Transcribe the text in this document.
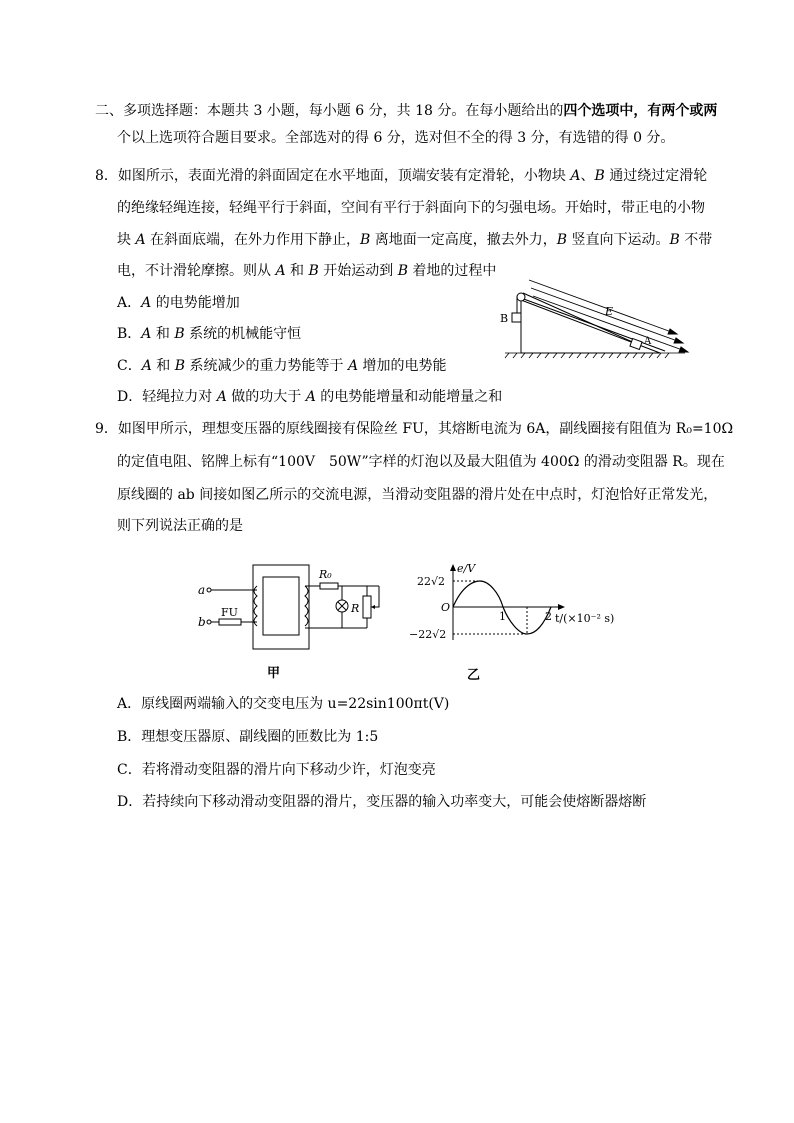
二、多项选择题：本题共 3 小题，每小题 6 分，共 18 分。在每小题给出的四个选项中，有两个或两
个以上选项符合题目要求。全部选对的得 6 分，选对但不全的得 3 分，有选错的得 0 分。
8．如图所示，表面光滑的斜面固定在水平地面，顶端安装有定滑轮，小物块 A、B 通过绕过定滑轮
的绝缘轻绳连接，轻绳平行于斜面，空间有平行于斜面向下的匀强电场。开始时，带正电的小物
块 A 在斜面底端，在外力作用下静止，B 离地面一定高度，撤去外力，B 竖直向下运动。B 不带
电，不计滑轮摩擦。则从 A 和 B 开始运动到 B 着地的过程中
A．A 的电势能增加
B．A 和 B 系统的机械能守恒
C．A 和 B 系统减少的重力势能等于 A 增加的电势能
D．轻绳拉力对 A 做的功大于 A 的电势能增量和动能增量之和
B
A
E
9．如图甲所示，理想变压器的原线圈接有保险丝 FU，其熔断电流为 6A，副线圈接有阻值为 R₀=10Ω
的定值电阻、铭牌上标有“100V　50W”字样的灯泡以及最大阻值为 400Ω 的滑动变阻器 R。现在
原线圈的 ab 间接如图乙所示的交流电源，当滑动变阻器的滑片处在中点时，灯泡恰好正常发光，
则下列说法正确的是
a
b
FU
R₀
R
甲
e/V
22√2
−22√2
O
1	2 t/(×10⁻² s)
乙
A．原线圈两端输入的交变电压为 u=22sin100πt(V)
B．理想变压器原、副线圈的匝数比为 1:5
C．若将滑动变阻器的滑片向下移动少许，灯泡变亮
D．若持续向下移动滑动变阻器的滑片，变压器的输入功率变大，可能会使熔断器熔断
